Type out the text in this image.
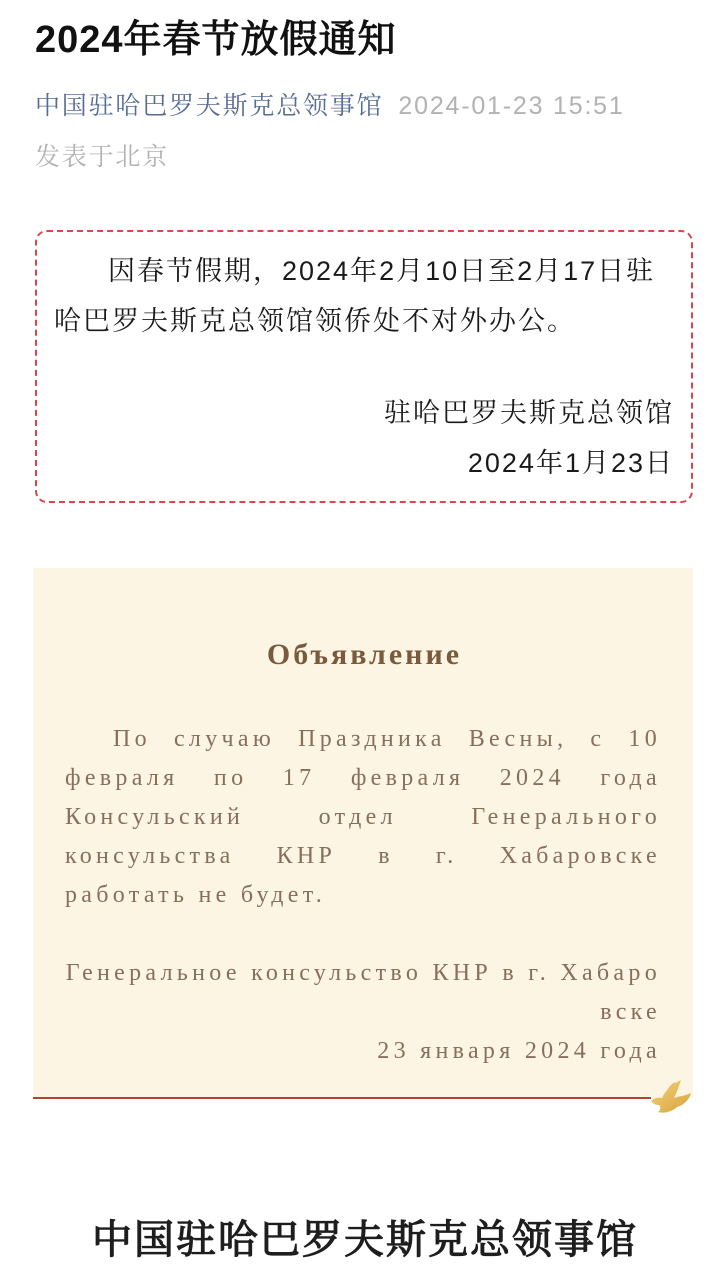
2024年春节放假通知
中国驻哈巴罗夫斯克总领事馆 2024-01-23 15:51
发表于北京

因春节假期，2024年2月10日至2月17日驻哈巴罗夫斯克总领馆领侨处不对外办公。

驻哈巴罗夫斯克总领馆

2024年1月23日

Объявление

По случаю Праздника Весны, с 10 февраля по 17 февраля 2024 года Консульский отдел Генерального консульства КНР в г. Хабаровске работать не будет.

Генеральное консульство КНР в г. Хабаровске

23 января 2024 года

中国驻哈巴罗夫斯克总领事馆
